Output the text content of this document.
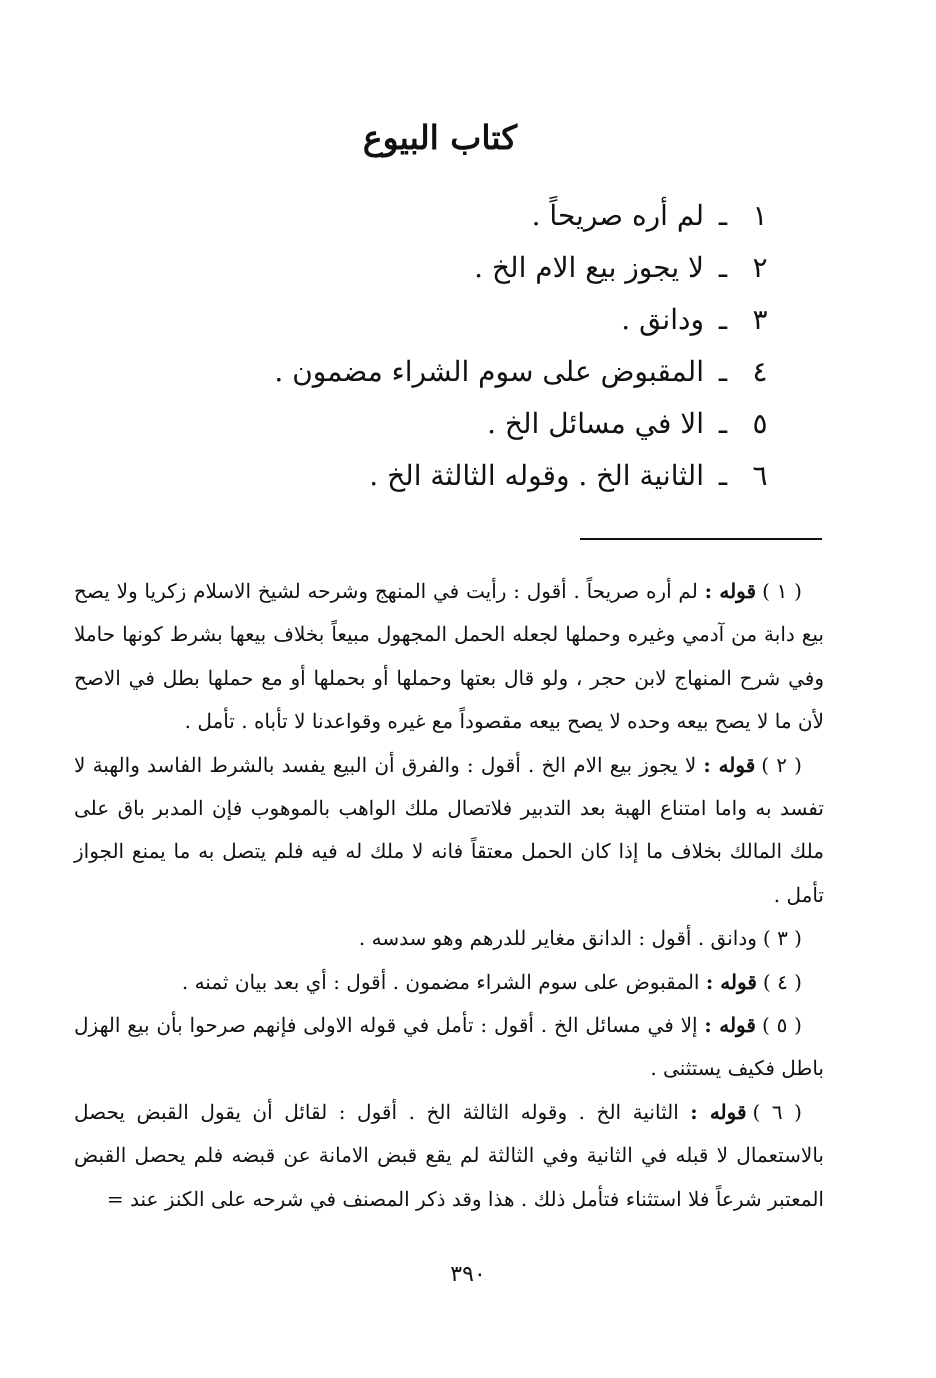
كتاب البيوع
١ـلم أره صريحاً .
٢ـلا يجوز بيع الام الخ .
٣ـودانق .
٤ـالمقبوض على سوم الشراء مضمون .
٥ـالا في مسائل الخ .
٦ـالثانية الخ . وقوله الثالثة الخ .

( ١ )قوله : لم أره صريحاً . أقول : رأيت في المنهج وشرحه لشيخ الاسلام زكريا ولا يصح بيع دابة من آدمي وغيره وحملها لجعله الحمل المجهول مبيعاً بخلاف بيعها بشرط كونها حاملا وفي شرح المنهاج لابن حجر ، ولو قال بعتها وحملها أو بحملها أو مع حملها بطل في الاصح لأن ما لا يصح بيعه وحده لا يصح بيعه مقصوداً مع غيره وقواعدنا لا تأباه . تأمل .

( ٢ )قوله : لا يجوز بيع الام الخ . أقول : والفرق أن البيع يفسد بالشرط الفاسد والهبة لا تفسد به واما امتناع الهبة بعد التدبير فلاتصال ملك الواهب بالموهوب فإن المدبر باق على ملك المالك بخلاف ما إذا كان الحمل معتقاً فانه لا ملك له فيه فلم يتصل به ما يمنع الجواز تأمل .

( ٣ )ودانق . أقول : الدانق مغاير للدرهم وهو سدسه .

( ٤ )قوله : المقبوض على سوم الشراء مضمون . أقول : أي بعد بيان ثمنه .

( ٥ )قوله : إلا في مسائل الخ . أقول : تأمل في قوله الاولى فإنهم صرحوا بأن بيع الهزل باطل فكيف يستثنى .

( ٦ )قوله : الثانية الخ . وقوله الثالثة الخ . أقول : لقائل أن يقول القبض يحصل بالاستعمال لا قبله في الثانية وفي الثالثة لم يقع قبض الامانة عن قبضه فلم يحصل القبض المعتبر شرعاً فلا استثناء فتأمل ذلك . هذا وقد ذكر المصنف في شرحه على الكنز عند =

٣٩٠
